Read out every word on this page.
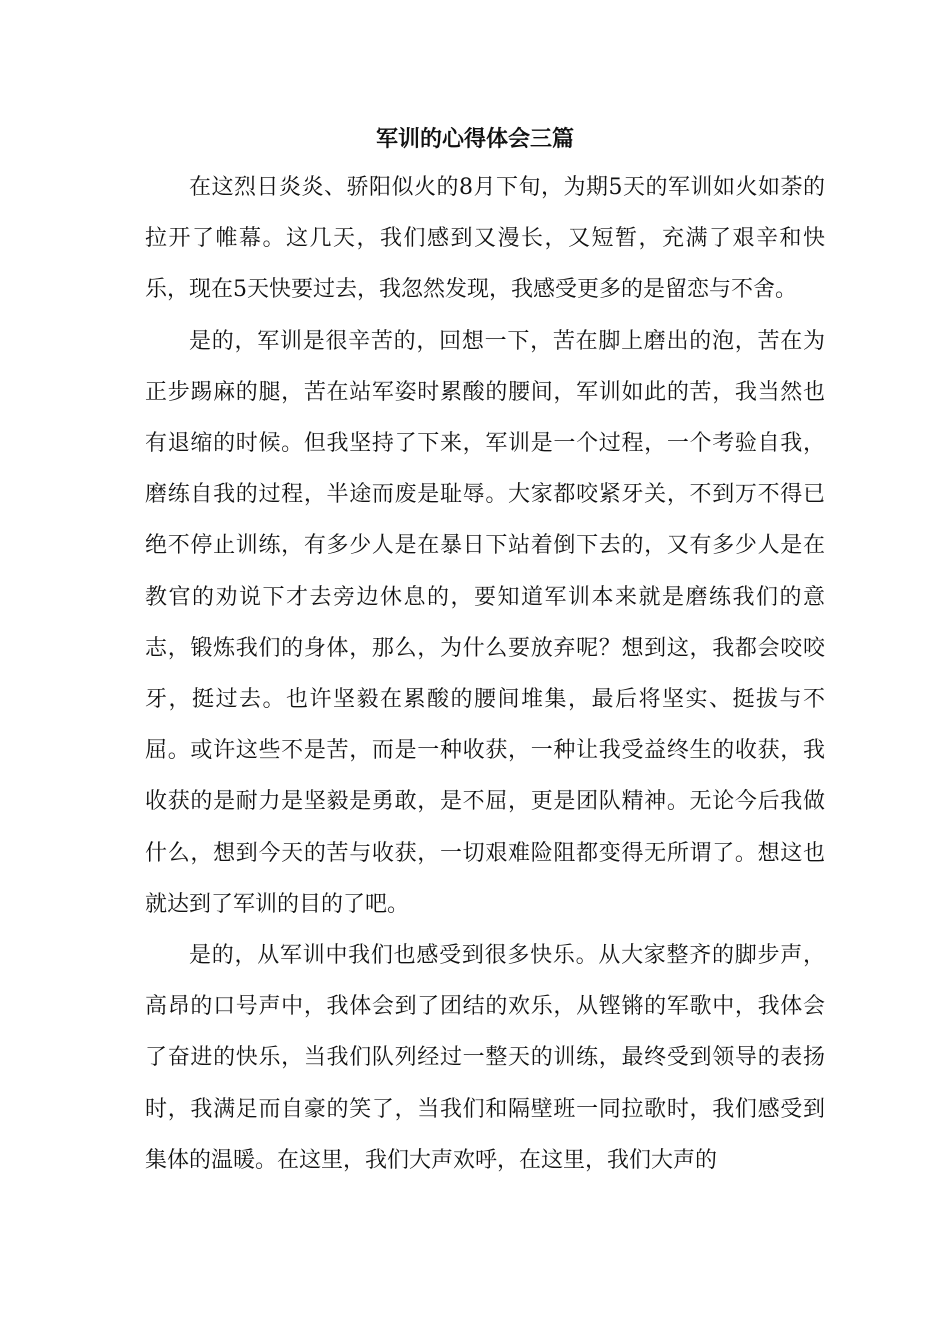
军训的心得体会三篇

在这烈日炎炎、骄阳似火的8月下旬，为期5天的军训如火如荼的拉开了帷幕。这几天，我们感到又漫长，又短暂，充满了艰辛和快乐，现在5天快要过去，我忽然发现，我感受更多的是留恋与不舍。

是的，军训是很辛苦的，回想一下，苦在脚上磨出的泡，苦在为正步踢麻的腿，苦在站军姿时累酸的腰间，军训如此的苦，我当然也有退缩的时候。但我坚持了下来，军训是一个过程，一个考验自我，磨练自我的过程，半途而废是耻辱。大家都咬紧牙关，不到万不得已绝不停止训练，有多少人是在暴日下站着倒下去的，又有多少人是在教官的劝说下才去旁边休息的，要知道军训本来就是磨练我们的意志，锻炼我们的身体，那么，为什么要放弃呢？想到这，我都会咬咬牙，挺过去。也许坚毅在累酸的腰间堆集，最后将坚实、挺拔与不屈。或许这些不是苦，而是一种收获，一种让我受益终生的收获，我收获的是耐力是坚毅是勇敢，是不屈，更是团队精神。无论今后我做什么，想到今天的苦与收获，一切艰难险阻都变得无所谓了。想这也就达到了军训的目的了吧。

是的，从军训中我们也感受到很多快乐。从大家整齐的脚步声，高昂的口号声中，我体会到了团结的欢乐，从铿锵的军歌中，我体会了奋进的快乐，当我们队列经过一整天的训练，最终受到领导的表扬时，我满足而自豪的笑了，当我们和隔壁班一同拉歌时，我们感受到集体的温暖。在这里，我们大声欢呼，在这里，我们大声的
